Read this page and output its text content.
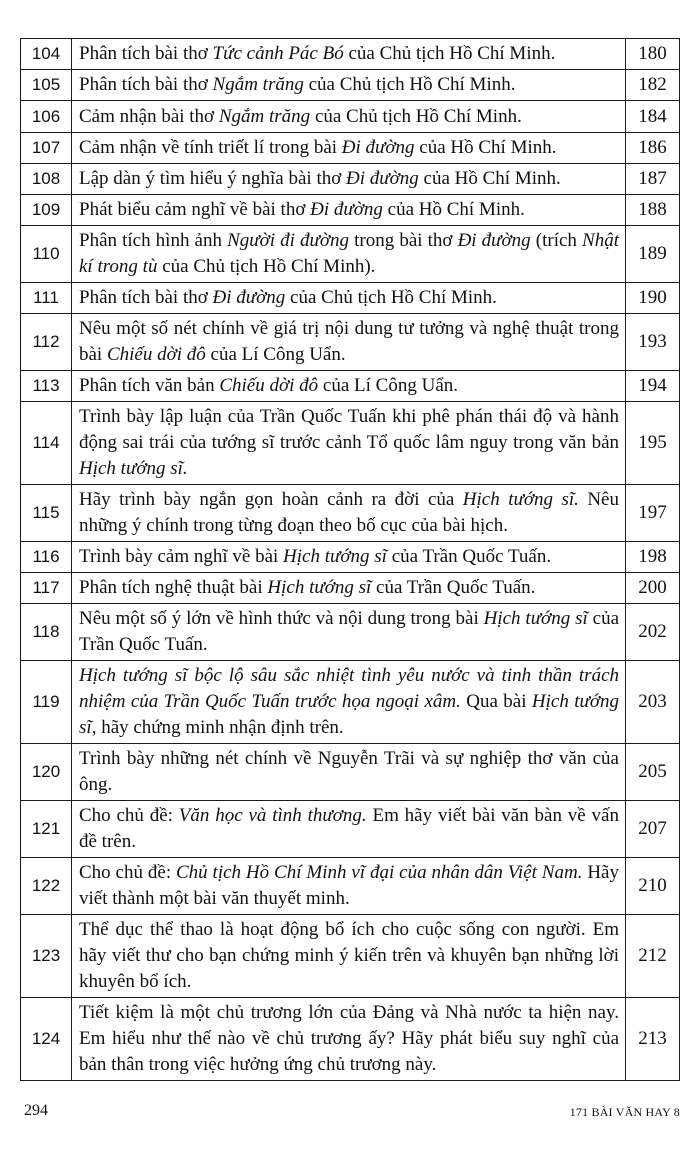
104	Phân tích bài thơ Tức cảnh Pác Bó của Chủ tịch Hồ Chí Minh.	180
105	Phân tích bài thơ Ngắm trăng của Chủ tịch Hồ Chí Minh.	182
106	Cảm nhận bài thơ Ngắm trăng của Chủ tịch Hồ Chí Minh.	184
107	Cảm nhận về tính triết lí trong bài Đi đường của Hồ Chí Minh.	186
108	Lập dàn ý tìm hiểu ý nghĩa bài thơ Đi đường của Hồ Chí Minh.	187
109	Phát biểu cảm nghĩ về bài thơ Đi đường của Hồ Chí Minh.	188
110	Phân tích hình ảnh Người đi đường trong bài thơ Đi đường (trích Nhật kí trong tù của Chủ tịch Hồ Chí Minh).	189
111	Phân tích bài thơ Đi đường của Chủ tịch Hồ Chí Minh.	190
112	Nêu một số nét chính về giá trị nội dung tư tưởng và nghệ thuật trong bài Chiếu dời đô của Lí Công Uẩn.	193
113	Phân tích văn bản Chiếu dời đô của Lí Công Uẩn.	194
114	Trình bày lập luận của Trần Quốc Tuấn khi phê phán thái độ và hành động sai trái của tướng sĩ trước cảnh Tổ quốc lâm nguy trong văn bản Hịch tướng sĩ.	195
115	Hãy trình bày ngắn gọn hoàn cảnh ra đời của Hịch tướng sĩ. Nêu những ý chính trong từng đoạn theo bố cục của bài hịch.	197
116	Trình bày cảm nghĩ về bài Hịch tướng sĩ của Trần Quốc Tuấn.	198
117	Phân tích nghệ thuật bài Hịch tướng sĩ của Trần Quốc Tuấn.	200
118	Nêu một số ý lớn về hình thức và nội dung trong bài Hịch tướng sĩ của Trần Quốc Tuấn.	202
119	Hịch tướng sĩ bộc lộ sâu sắc nhiệt tình yêu nước và tinh thần trách nhiệm của Trần Quốc Tuấn trước họa ngoại xâm. Qua bài Hịch tướng sĩ, hãy chứng minh nhận định trên.	203
120	Trình bày những nét chính về Nguyễn Trãi và sự nghiệp thơ văn của ông.	205
121	Cho chủ đề: Văn học và tình thương. Em hãy viết bài văn bàn về vấn đề trên.	207
122	Cho chủ đề: Chủ tịch Hồ Chí Minh vĩ đại của nhân dân Việt Nam. Hãy viết thành một bài văn thuyết minh.	210
123	Thể dục thể thao là hoạt động bổ ích cho cuộc sống con người. Em hãy viết thư cho bạn chứng minh ý kiến trên và khuyên bạn những lời khuyên bổ ích.	212
124	Tiết kiệm là một chủ trương lớn của Đảng và Nhà nước ta hiện nay. Em hiểu như thế nào về chủ trương ấy? Hãy phát biểu suy nghĩ của bản thân trong việc hưởng ứng chủ trương này.	213
294	171 BÀI VĂN HAY 8
